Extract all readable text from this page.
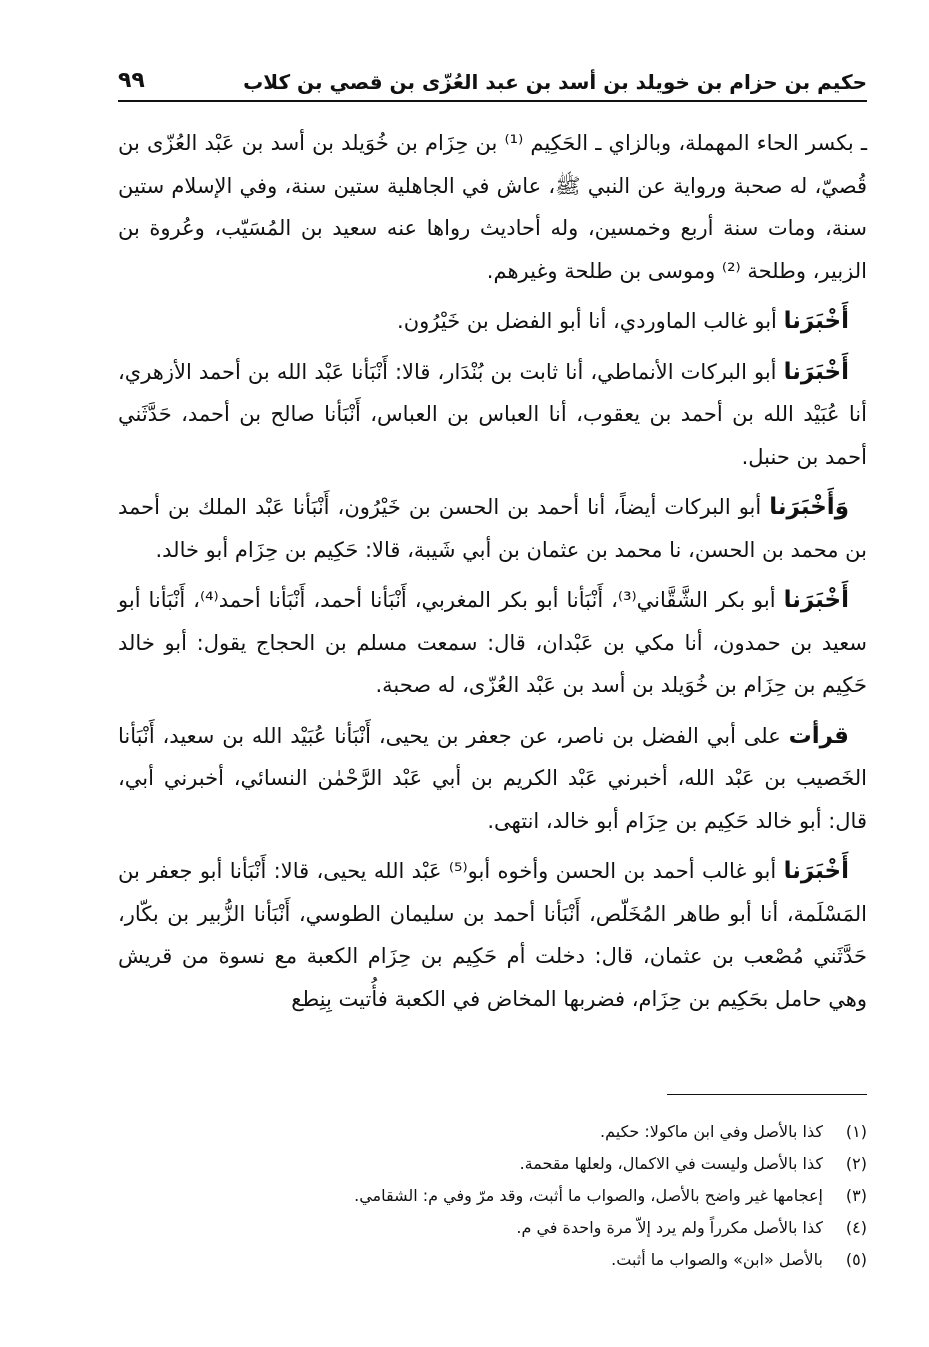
حكيم بن حزام بن خويلد بن أسد بن عبد العُزّى بن قصي بن كلاب
٩٩

ـ بكسر الحاء المهملة، وبالزاي ـ الحَكِيم ⁽¹⁾ بن حِزَام بن خُوَيلد بن أسد بن عَبْد العُزّى بن قُصيّ، له صحبة ورواية عن النبي ﷺ، عاش في الجاهلية ستين سنة، وفي الإسلام ستين سنة، ومات سنة أربع وخمسين، وله أحاديث رواها عنه سعيد بن المُسَيّب، وعُروة بن الزبير، وطلحة ⁽²⁾ وموسى بن طلحة وغيرهم.

أَخْبَرَنا أبو غالب الماوردي، أنا أبو الفضل بن خَيْرُون.

أَخْبَرَنا أبو البركات الأنماطي، أنا ثابت بن بُنْدَار، قالا: أَنْبَأنا عَبْد الله بن أحمد الأزهري، أنا عُبَيْد الله بن أحمد بن يعقوب، أنا العباس بن العباس، أَنْبَأنا صالح بن أحمد، حَدَّثَني أحمد بن حنبل.

وَأَخْبَرَنا أبو البركات أيضاً، أنا أحمد بن الحسن بن خَيْرُون، أَنْبَأنا عَبْد الملك بن أحمد بن محمد بن الحسن، نا محمد بن عثمان بن أبي شَيبة، قالا: حَكِيم بن حِزَام أبو خالد.

أَخْبَرَنا أبو بكر الشَّقَّاني⁽³⁾، أَنْبَأنا أبو بكر المغربي، أَنْبَأنا أحمد، أَنْبَأنا أحمد⁽⁴⁾، أَنْبَأنا أبو سعيد بن حمدون، أنا مكي بن عَبْدان، قال: سمعت مسلم بن الحجاج يقول: أبو خالد حَكِيم بن حِزَام بن خُوَيلد بن أسد بن عَبْد العُزّى، له صحبة.

قرأت على أبي الفضل بن ناصر، عن جعفر بن يحيى، أَنْبَأنا عُبَيْد الله بن سعيد، أَنْبَأنا الخَصيب بن عَبْد الله، أخبرني عَبْد الكريم بن أبي عَبْد الرَّحْمٰن النسائي، أخبرني أبي، قال: أبو خالد حَكِيم بن حِزَام أبو خالد، انتهى.

أَخْبَرَنا أبو غالب أحمد بن الحسن وأخوه أبو⁽⁵⁾ عَبْد الله يحيى، قالا: أَنْبَأنا أبو جعفر بن المَسْلَمة، أنا أبو طاهر المُخَلّص، أَنْبَأنا أحمد بن سليمان الطوسي، أَنْبَأنا الزُّبير بن بكّار، حَدَّثَني مُصْعب بن عثمان، قال: دخلت أم حَكِيم بن حِزَام الكعبة مع نسوة من قريش وهي حامل بحَكِيم بن حِزَام، فضربها المخاض في الكعبة فأُتيت بِنِطع

(١)
كذا بالأصل وفي ابن ماكولا: حكيم.
(٢)
كذا بالأصل وليست في الاكمال، ولعلها مقحمة.
(٣)
إعجامها غير واضح بالأصل، والصواب ما أثبت، وقد مرّ وفي م: الشقامي.
(٤)
كذا بالأصل مكرراً ولم يرد إلاّ مرة واحدة في م.
(٥)
بالأصل «ابن» والصواب ما أثبت.
